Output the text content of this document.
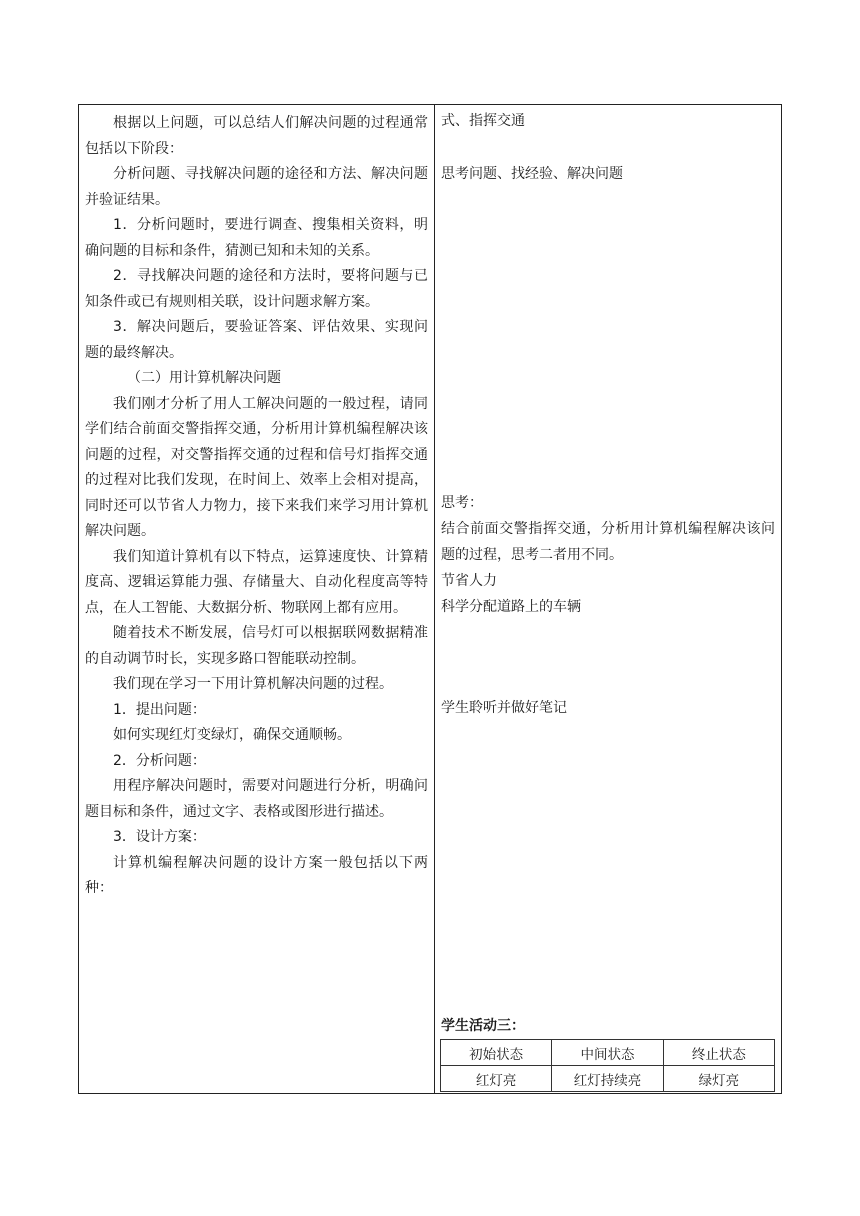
根据以上问题，可以总结人们解决问题的过程通常包括以下阶段：

分析问题、寻找解决问题的途径和方法、解决问题并验证结果。

1．分析问题时，要进行调查、搜集相关资料，明确问题的目标和条件，猜测已知和未知的关系。

2．寻找解决问题的途径和方法时，要将问题与已知条件或已有规则相关联，设计问题求解方案。

3．解决问题后，要验证答案、评估效果、实现问题的最终解决。

（二）用计算机解决问题

我们刚才分析了用人工解决问题的一般过程，请同学们结合前面交警指挥交通，分析用计算机编程解决该问题的过程，对交警指挥交通的过程和信号灯指挥交通的过程对比我们发现，在时间上、效率上会相对提高，同时还可以节省人力物力，接下来我们来学习用计算机解决问题。

我们知道计算机有以下特点，运算速度快、计算精度高、逻辑运算能力强、存储量大、自动化程度高等特点，在人工智能、大数据分析、物联网上都有应用。

随着技术不断发展，信号灯可以根据联网数据精准的自动调节时长，实现多路口智能联动控制。

我们现在学习一下用计算机解决问题的过程。

1．提出问题：

如何实现红灯变绿灯，确保交通顺畅。

2．分析问题：

用程序解决问题时，需要对问题进行分析，明确问题目标和条件，通过文字、表格或图形进行描述。

3．设计方案：

计算机编程解决问题的设计方案一般包括以下两种：

式、指挥交通

思考问题、找经验、解决问题

思考：

结合前面交警指挥交通，分析用计算机编程解决该问题的过程，思考二者用不同。

节省人力

科学分配道路上的车辆

学生聆听并做好笔记

学生活动三：

初始状态	中间状态	终止状态
红灯亮	红灯持续亮	绿灯亮
